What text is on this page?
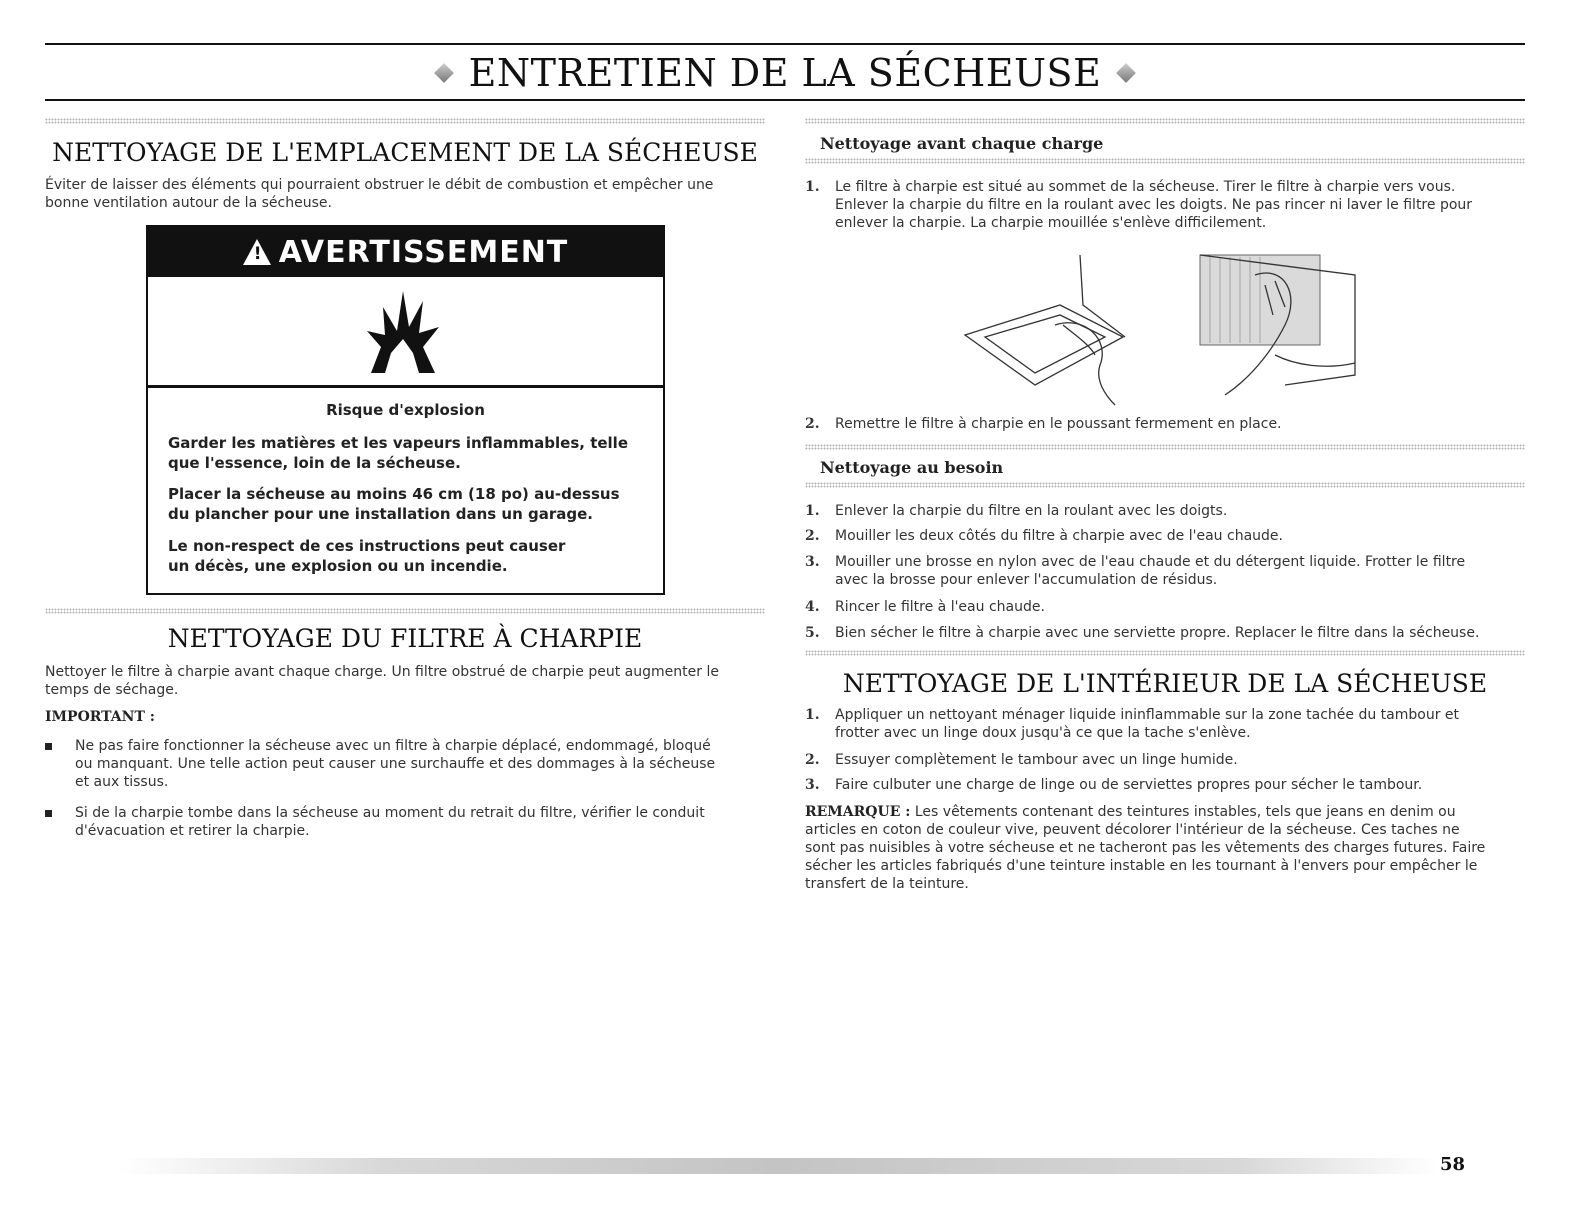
ENTRETIEN DE LA SÉCHEUSE
NETTOYAGE DE L'EMPLACEMENT DE LA SÉCHEUSE
Éviter de laisser des éléments qui pourraient obstruer le débit de combustion et empêcher une
bonne ventilation autour de la sécheuse.
! AVERTISSEMENT
Risque d'explosion
Garder les matières et les vapeurs inflammables, telle
que l'essence, loin de la sécheuse.
Placer la sécheuse au moins 46 cm (18 po) au-dessus
du plancher pour une installation dans un garage.
Le non-respect de ces instructions peut causer
un décès, une explosion ou un incendie.
NETTOYAGE DU FILTRE À CHARPIE
Nettoyer le filtre à charpie avant chaque charge. Un filtre obstrué de charpie peut augmenter le
temps de séchage.
IMPORTANT :
Ne pas faire fonctionner la sécheuse avec un filtre à charpie déplacé, endommagé, bloqué
ou manquant. Une telle action peut causer une surchauffe et des dommages à la sécheuse
et aux tissus.
Si de la charpie tombe dans la sécheuse au moment du retrait du filtre, vérifier le conduit
d'évacuation et retirer la charpie.
Nettoyage avant chaque charge
1. Le filtre à charpie est situé au sommet de la sécheuse. Tirer le filtre à charpie vers vous.
Enlever la charpie du filtre en la roulant avec les doigts. Ne pas rincer ni laver le filtre pour
enlever la charpie. La charpie mouillée s'enlève difficilement.
2. Remettre le filtre à charpie en le poussant fermement en place.
Nettoyage au besoin
1. Enlever la charpie du filtre en la roulant avec les doigts.
2. Mouiller les deux côtés du filtre à charpie avec de l'eau chaude.
3. Mouiller une brosse en nylon avec de l'eau chaude et du détergent liquide. Frotter le filtre
avec la brosse pour enlever l'accumulation de résidus.
4. Rincer le filtre à l'eau chaude.
5. Bien sécher le filtre à charpie avec une serviette propre. Replacer le filtre dans la sécheuse.
NETTOYAGE DE L'INTÉRIEUR DE LA SÉCHEUSE
1. Appliquer un nettoyant ménager liquide ininflammable sur la zone tachée du tambour et
frotter avec un linge doux jusqu'à ce que la tache s'enlève.
2. Essuyer complètement le tambour avec un linge humide.
3. Faire culbuter une charge de linge ou de serviettes propres pour sécher le tambour.
REMARQUE : Les vêtements contenant des teintures instables, tels que jeans en denim ou
articles en coton de couleur vive, peuvent décolorer l'intérieur de la sécheuse. Ces taches ne
sont pas nuisibles à votre sécheuse et ne tacheront pas les vêtements des charges futures. Faire
sécher les articles fabriqués d'une teinture instable en les tournant à l'envers pour empêcher le
transfert de la teinture.
58
